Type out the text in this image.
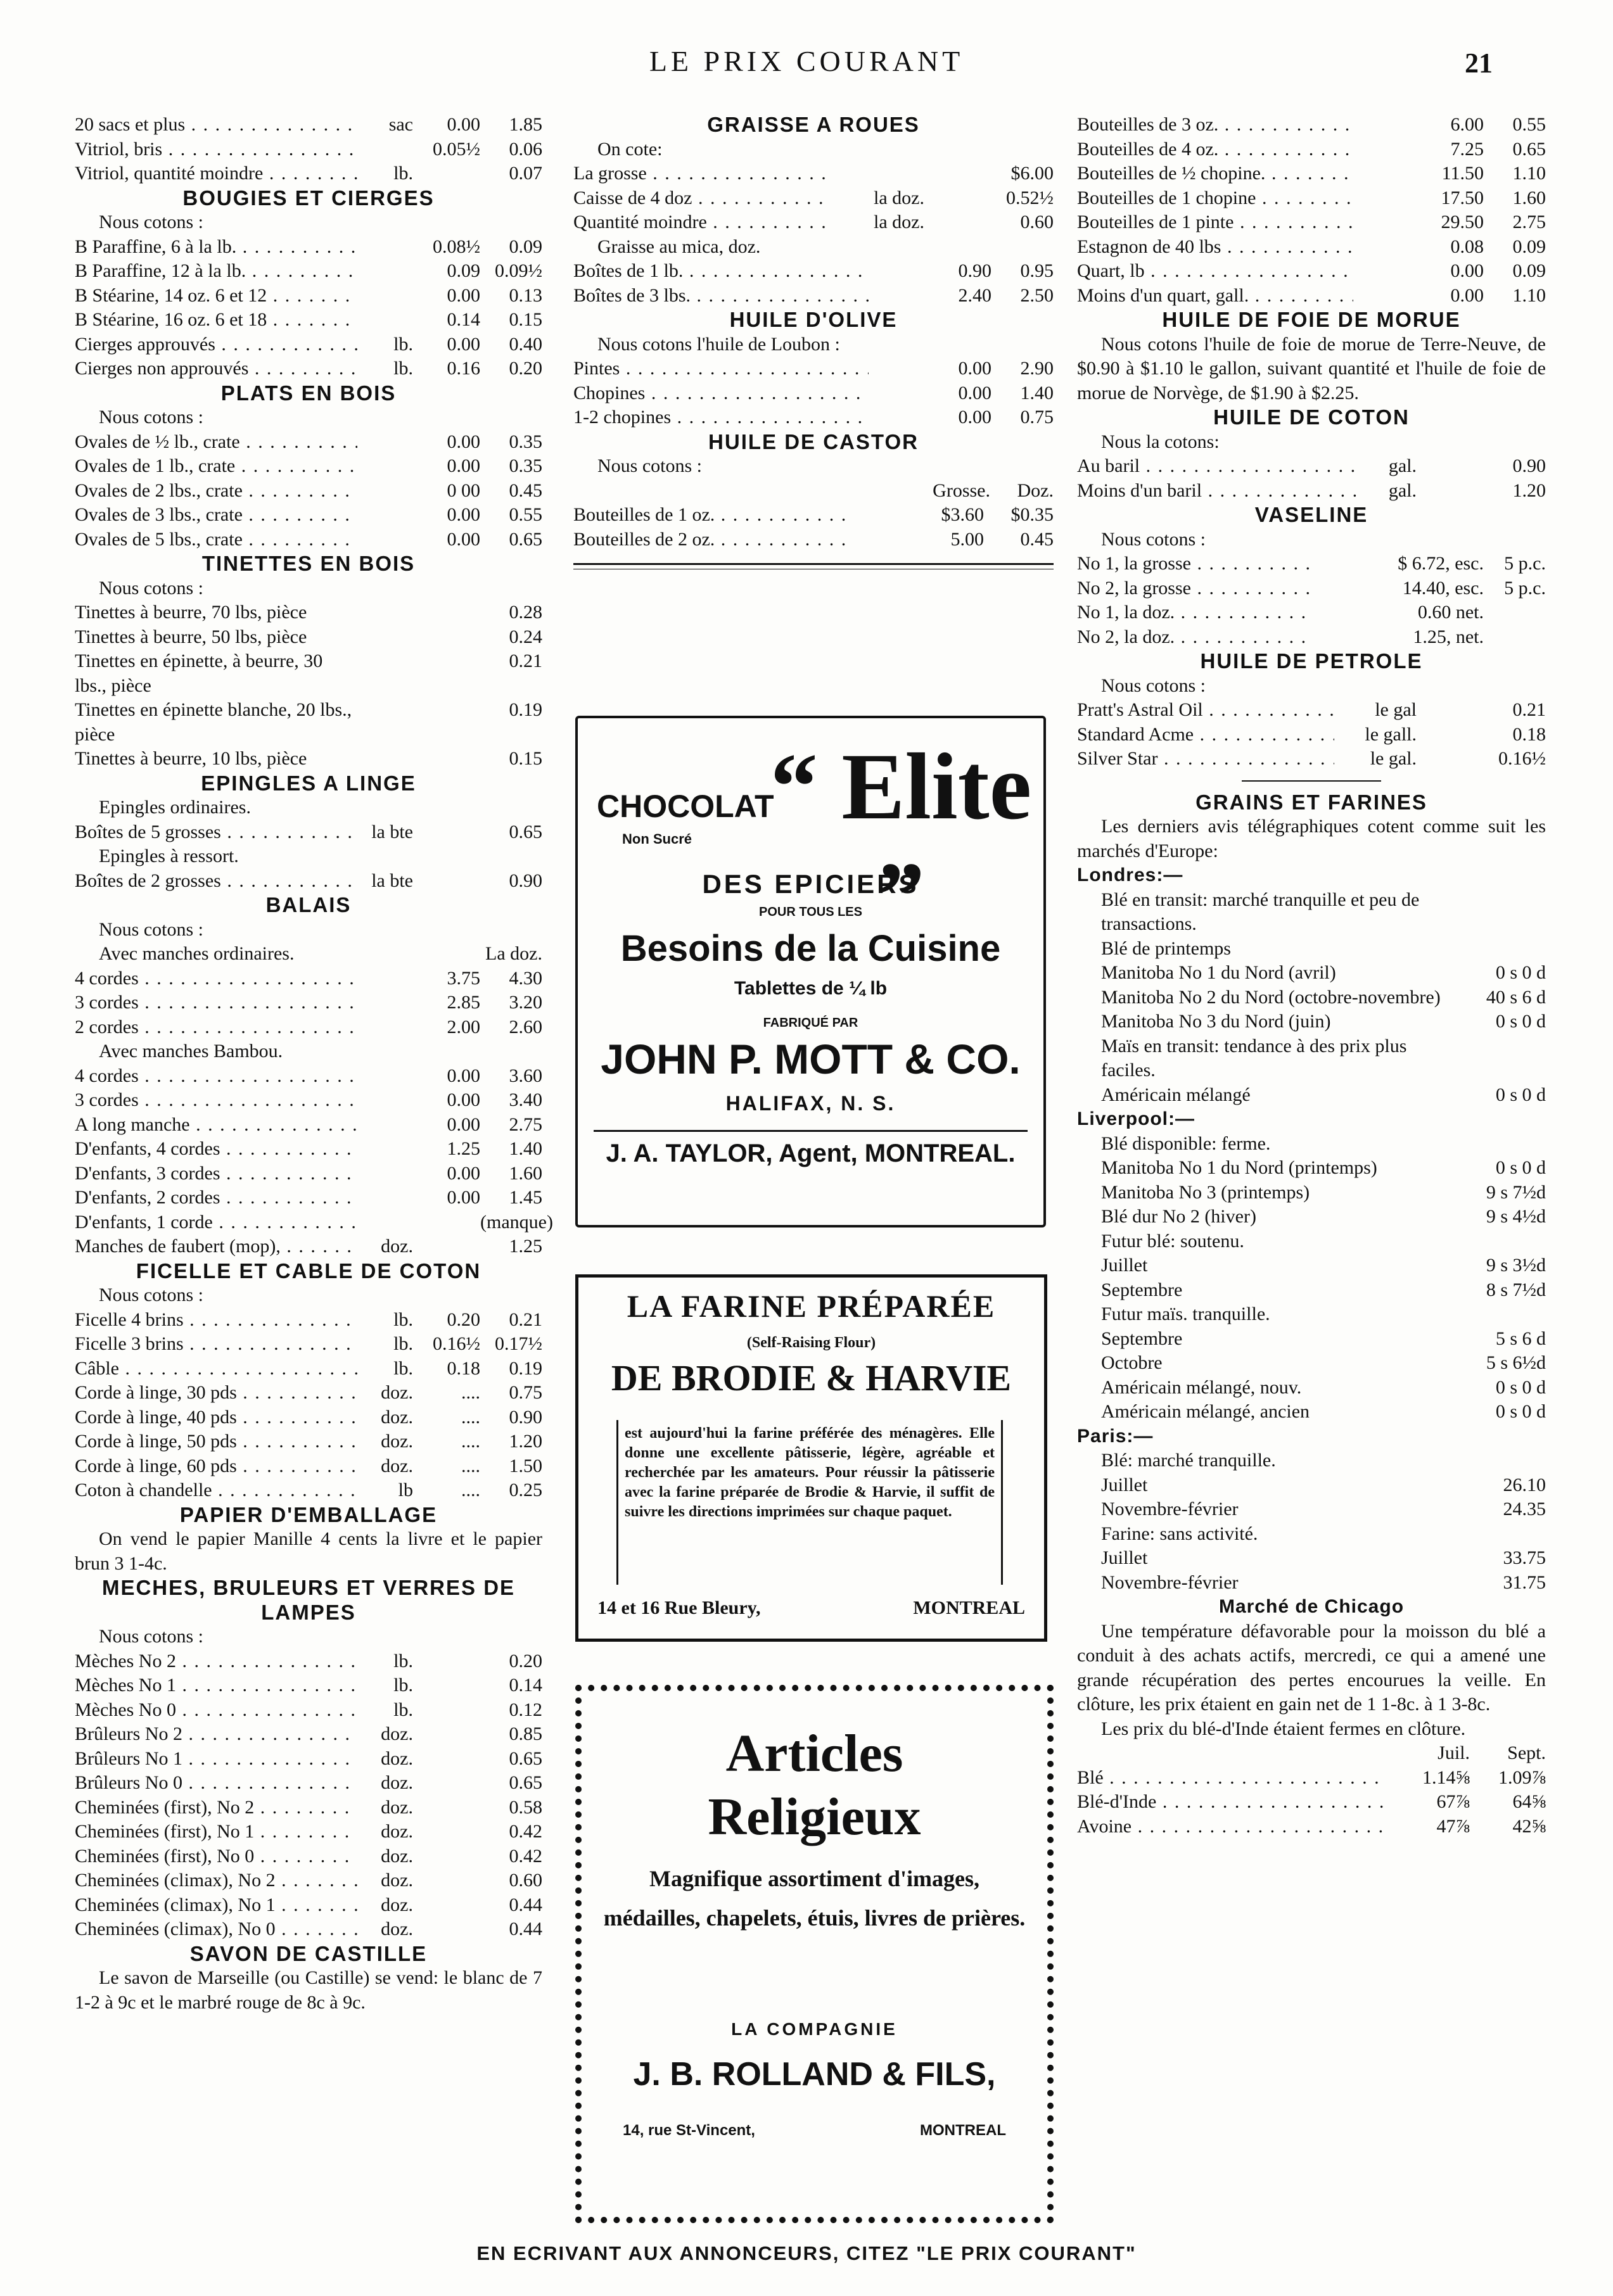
LE PRIX COURANT	21
20 sacs et plus . . .	sac	0.00	1.85
Vitriol, bris . . .	0.05½	0.06
Vitriol, quantité moindre . . .	lb.	0.07
BOUGIES ET CIERGES
Nous cotons :
B Paraffine, 6 à la lb. . . .	0.08½	0.09
B Paraffine, 12 à la lb. . . .	0.09 0.09½
B Stéarine, 14 oz. 6 et 12 . . .	0.00	0.13
B Stéarine, 16 oz. 6 et 18 . . .	0.14	0.15
Cierges approuvés . . .	lb.	0.00	0.40
Cierges non approuvés . . .	lb.	0.16	0.20
PLATS EN BOIS
Nous cotons :
Ovales de ½ lb., crate . . .	0.00	0.35
Ovales de 1 lb., crate . . .	0.00	0.35
Ovales de 2 lbs., crate . . .	0 00	0.45
Ovales de 3 lbs., crate . . .	0.00	0.55
Ovales de 5 lbs., crate . . .	0.00	0.65
TINETTES EN BOIS
Nous cotons :
Tinettes à beurre, 70 lbs, pièce	0.28
Tinettes à beurre, 50 lbs, pièce	0.24
Tinettes en épinette, à beurre, 30 lbs., pièce
0.21
Tinettes en épinette blanche, 20 lbs., pièce
0.19
Tinettes à beurre, 10 lbs, pièce	0.15
EPINGLES A LINGE
Epingles ordinaires.
Boîtes de 5 grosses . . .	la bte	0.65
Epingles à ressort.
Boîtes de 2 grosses . . .	la bte	0.90
BALAIS
Nous cotons :
Avec manches ordinaires.	La doz.
4 cordes . . .	3.75	4.30
3 cordes . . .	2.85	3.20
2 cordes . . .	2.00	2.60
Avec manches Bambou.
4 cordes . . .	0.00	3.60
3 cordes . . .	0.00	3.40
A long manche . . .	0.00	2.75
D'enfants, 4 cordes . . .	1.25	1.40
D'enfants, 3 cordes . . .	0.00	1.60
D'enfants, 2 cordes . . .	0.00	1.45
D'enfants, 1 corde . . .	(manque)
Manches de faubert (mop), . . .	doz.	1.25
FICELLE ET CABLE DE COTON
Nous cotons :
Ficelle 4 brins . . .	lb.	0.20	0.21
Ficelle 3 brins . . .	lb.	0.16½ 0.17½
Câble . . .	lb.	0.18	0.19
Corde à linge, 30 pds . . .	doz.	....	0.75
Corde à linge, 40 pds . . .	doz.	....	0.90
Corde à linge, 50 pds . . .	doz.	....	1.20
Corde à linge, 60 pds . . .	doz.	....	1.50
Coton à chandelle . . .	lb	....	0.25
PAPIER D'EMBALLAGE
On vend le papier Manille 4 cents la livre et le papier brun 3 1-4c.
MECHES, BRULEURS ET VERRES DE LAMPES
Nous cotons :
Mèches No 2 . . .	lb.	0.20
Mèches No 1 . . .	lb.	0.14
Mèches No 0 . . .	lb.	0.12
Brûleurs No 2 . . .	doz.	0.85
Brûleurs No 1 . . .	doz.	0.65
Brûleurs No 0 . . .	doz.	0.65
Cheminées (first), No 2 . . .	doz.	0.58
Cheminées (first), No 1 . . .	doz.	0.42
Cheminées (first), No 0 . . .	doz.	0.42
Cheminées (climax), No 2 . . .	doz.	0.60
Cheminées (climax), No 1 . . .	doz.	0.44
Cheminées (climax), No 0 . . .	doz.	0.44
SAVON DE CASTILLE
Le savon de Marseille (ou Castille) se vend: le blanc de 7 1-2 à 9c et le marbré rouge de 8c à 9c.
GRAISSE A ROUES
On cote:
La grosse . . .	$6.00
Caisse de 4 doz . . .	la doz.	0.52½
Quantité moindre . . .	la doz.	0.60
Graisse au mica, doz.
Boîtes de 1 lb. . . .	0.90	0.95
Boîtes de 3 lbs. . . .	2.40	2.50
HUILE D'OLIVE
Nous cotons l'huile de Loubon :
Pintes . . .	0.00	2.90
Chopines . . .	0.00	1.40
1-2 chopines . . .	0.00	0.75
HUILE DE CASTOR
Nous cotons :
Grosse.	Doz.
Bouteilles de 1 oz. . . .	$3.60	$0.35
Bouteilles de 2 oz. . . .	5.00	0.45
“ Elite ”
CHOCOLAT
Non Sucré
DES EPICIERS
POUR TOUS LES
Besoins de la Cuisine
Tablettes de ¼ lb
FABRIQUÉ PAR
JOHN P. MOTT & CO.
HALIFAX, N. S.
J. A. TAYLOR, Agent, MONTREAL.
LA FARINE PRÉPARÉE
(Self-Raising Flour)
DE BRODIE & HARVIE
est aujourd'hui la farine préférée des ménagères. Elle donne une excellente pâtisserie, légère, agréable et recherchée par les amateurs. Pour réussir la pâtisserie avec la farine préparée de Brodie & Harvie, il suffit de suivre les directions imprimées sur chaque paquet.
14 et 16 Rue Bleury,	MONTREAL
Articles
Religieux
Magnifique assortiment d'images, médailles, chapelets, étuis, livres de prières.
LA COMPAGNIE
J. B. ROLLAND & FILS,
14, rue St-Vincent,	MONTREAL
Bouteilles de 3 oz. . . .	6.00	0.55
Bouteilles de 4 oz. . . .	7.25	0.65
Bouteilles de ½ chopine. . . .	11.50	1.10
Bouteilles de 1 chopine . . .	17.50	1.60
Bouteilles de 1 pinte . . .	29.50	2.75
Estagnon de 40 lbs . . .	0.08	0.09
Quart, lb . . .	0.00	0.09
Moins d'un quart, gall. . . .	0.00	1.10
HUILE DE FOIE DE MORUE
Nous cotons l'huile de foie de morue de Terre-Neuve, de $0.90 à $1.10 le gallon, suivant quantité et l'huile de foie de morue de Norvège, de $1.90 à $2.25.
HUILE DE COTON
Nous la cotons:
Au baril . . .	gal.	0.90
Moins d'un baril . . .	gal.	1.20
VASELINE
Nous cotons :
No 1, la grosse . . .	$ 6.72, esc.	5 p.c.
No 2, la grosse . . .	14.40, esc.	5 p.c.
No 1, la doz. . . .	0.60 net.
No 2, la doz. . . .	1.25, net.
HUILE DE PETROLE
Nous cotons :
Pratt's Astral Oil . . .	le gal	0.21
Standard Acme . . .	le gall.	0.18
Silver Star . . .	le gal.	0.16½
GRAINS ET FARINES
Les derniers avis télégraphiques cotent comme suit les marchés d'Europe:
Londres:—
Blé en transit: marché tranquille et peu de transactions.
Blé de printemps
Manitoba No 1 du Nord (avril)	0 s 0 d
Manitoba No 2 du Nord (octobre-novembre)	40 s 6 d
Manitoba No 3 du Nord (juin)	0 s 0 d
Maïs en transit: tendance à des prix plus faciles.
Américain mélangé	0 s 0 d
Liverpool:—
Blé disponible: ferme.
Manitoba No 1 du Nord (printemps)	0 s 0 d
Manitoba No 3 (printemps)	9 s 7½d
Blé dur No 2 (hiver)	9 s 4½d
Futur blé: soutenu.
Juillet	9 s 3½d
Septembre	8 s 7½d
Futur maïs. tranquille.
Septembre	5 s 6 d
Octobre	5 s 6½d
Américain mélangé, nouv.	0 s 0 d
Américain mélangé, ancien	0 s 0 d
Paris:—
Blé: marché tranquille.
Juillet	26.10
Novembre-février	24.35
Farine: sans activité.
Juillet	33.75
Novembre-février	31.75
Marché de Chicago
Une température défavorable pour la moisson du blé a conduit à des achats actifs, mercredi, ce qui a amené une grande récupération des pertes encourues la veille. En clôture, les prix étaient en gain net de 1 1-8c. à 1 3-8c.
Les prix du blé-d'Inde étaient fermes en clôture.
Juil.	Sept.
Blé . . .	1.14⅝	1.09⅞
Blé-d'Inde . . .	67⅞	64⅝
Avoine . . .	47⅞	42⅝
EN ECRIVANT AUX ANNONCEURS, CITEZ "LE PRIX COURANT"
